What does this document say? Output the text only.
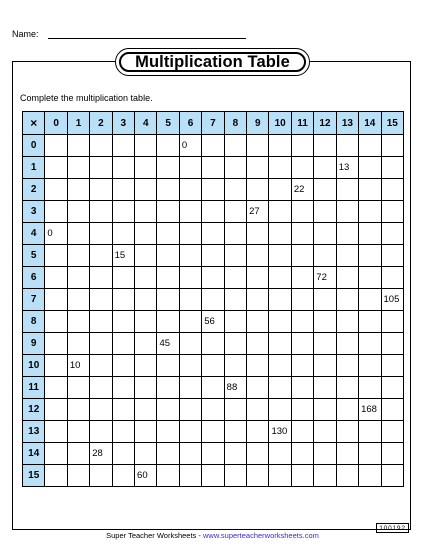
Name:
Multiplication Table
Complete the multiplication table.
×	0	1	2	3	4	5	6	7	8	9	10	11	12	13	14	15
0							0									
1														13		
2												22				
3										27						
4	0															
5				15												
6													72			
7																105
8								56								
9						45										
10		10														
11									88							
12															168	
13											130					
14			28													
15					60											
Super Teacher Worksheets - www.superteacherworksheets.com
100192
